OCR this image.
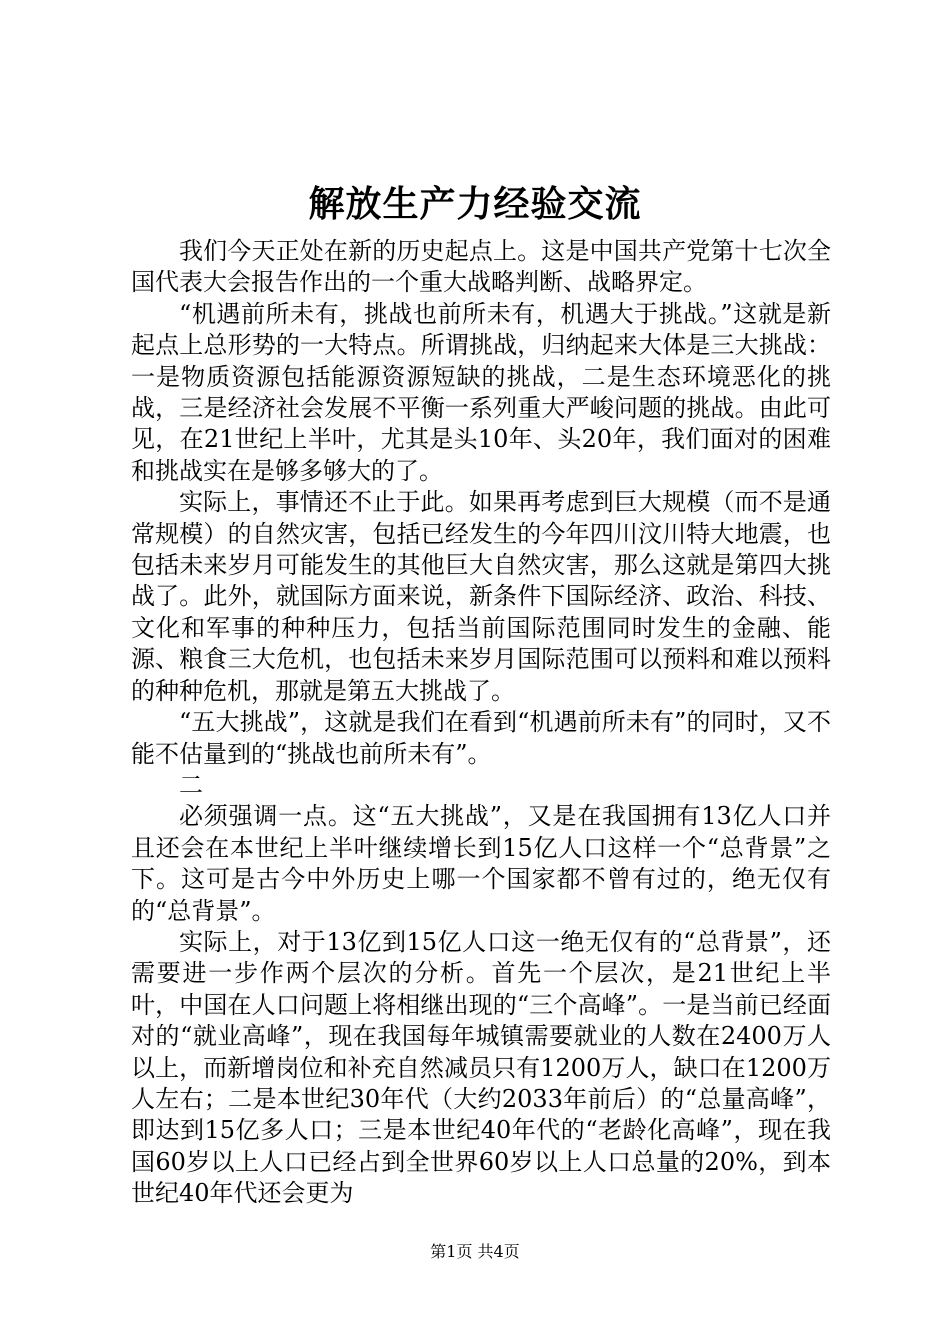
解放生产力经验交流

我们今天正处在新的历史起点上。这是中国共产党第十七次全国代表大会报告作出的一个重大战略判断、战略界定。

“机遇前所未有，挑战也前所未有，机遇大于挑战。”这就是新起点上总形势的一大特点。所谓挑战，归纳起来大体是三大挑战：一是物质资源包括能源资源短缺的挑战，二是生态环境恶化的挑战，三是经济社会发展不平衡一系列重大严峻问题的挑战。由此可见，在21世纪上半叶，尤其是头10年、头20年，我们面对的困难和挑战实在是够多够大的了。

实际上，事情还不止于此。如果再考虑到巨大规模（而不是通常规模）的自然灾害，包括已经发生的今年四川汶川特大地震，也包括未来岁月可能发生的其他巨大自然灾害，那么这就是第四大挑战了。此外，就国际方面来说，新条件下国际经济、政治、科技、文化和军事的种种压力，包括当前国际范围同时发生的金融、能源、粮食三大危机，也包括未来岁月国际范围可以预料和难以预料的种种危机，那就是第五大挑战了。

“五大挑战”，这就是我们在看到“机遇前所未有”的同时，又不能不估量到的“挑战也前所未有”。

二

必须强调一点。这“五大挑战”，又是在我国拥有13亿人口并且还会在本世纪上半叶继续增长到15亿人口这样一个“总背景”之下。这可是古今中外历史上哪一个国家都不曾有过的，绝无仅有的“总背景”。

实际上，对于13亿到15亿人口这一绝无仅有的“总背景”，还需要进一步作两个层次的分析。首先一个层次，是21世纪上半叶，中国在人口问题上将相继出现的“三个高峰”。一是当前已经面对的“就业高峰”，现在我国每年城镇需要就业的人数在2400万人以上，而新增岗位和补充自然减员只有1200万人，缺口在1200万人左右；二是本世纪30年代（大约2033年前后）的“总量高峰”，即达到15亿多人口；三是本世纪40年代的“老龄化高峰”，现在我国60岁以上人口已经占到全世界60岁以上人口总量的20%，到本世纪40年代还会更为

第1页 共4页
